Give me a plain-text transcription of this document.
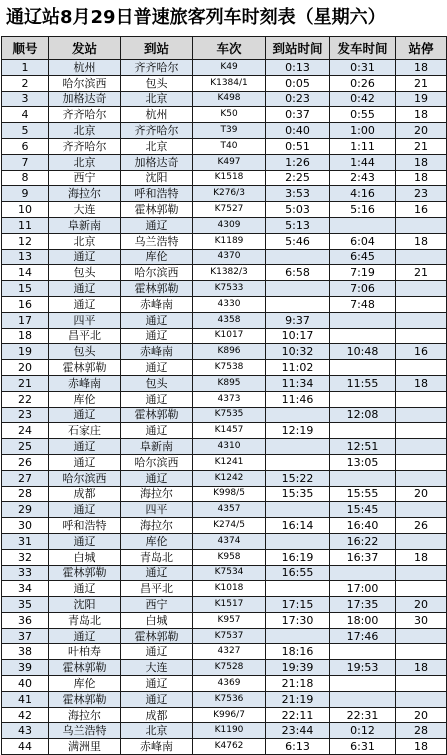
通辽站8月29日普速旅客列车时刻表（星期六）
顺号	发站	到站	车次	到站时间	发车时间	站停
1	杭州	齐齐哈尔	K49	0:13	0:31	18
2	哈尔滨西	包头	K1384/1	0:05	0:26	21
3	加格达奇	北京	K498	0:23	0:42	19
4	齐齐哈尔	杭州	K50	0:37	0:55	18
5	北京	齐齐哈尔	T39	0:40	1:00	20
6	齐齐哈尔	北京	T40	0:51	1:11	21
7	北京	加格达奇	K497	1:26	1:44	18
8	西宁	沈阳	K1518	2:25	2:43	18
9	海拉尔	呼和浩特	K276/3	3:53	4:16	23
10	大连	霍林郭勒	K7527	5:03	5:16	16
11	阜新南	通辽	4309	5:13		
12	北京	乌兰浩特	K1189	5:46	6:04	18
13	通辽	库伦	4370		6:45	
14	包头	哈尔滨西	K1382/3	6:58	7:19	21
15	通辽	霍林郭勒	K7533		7:06	
16	通辽	赤峰南	4330		7:48	
17	四平	通辽	4358	9:37		
18	昌平北	通辽	K1017	10:17		
19	包头	赤峰南	K896	10:32	10:48	16
20	霍林郭勒	通辽	K7538	11:02		
21	赤峰南	包头	K895	11:34	11:55	18
22	库伦	通辽	4373	11:46		
23	通辽	霍林郭勒	K7535		12:08	
24	石家庄	通辽	K1457	12:19		
25	通辽	阜新南	4310		12:51	
26	通辽	哈尔滨西	K1241		13:05	
27	哈尔滨西	通辽	K1242	15:22		
28	成都	海拉尔	K998/5	15:35	15:55	20
29	通辽	四平	4357		15:45	
30	呼和浩特	海拉尔	K274/5	16:14	16:40	26
31	通辽	库伦	4374		16:22	
32	白城	青岛北	K958	16:19	16:37	18
33	霍林郭勒	通辽	K7534	16:55		
34	通辽	昌平北	K1018		17:00	
35	沈阳	西宁	K1517	17:15	17:35	20
36	青岛北	白城	K957	17:30	18:00	30
37	通辽	霍林郭勒	K7537		17:46	
38	叶柏寿	通辽	4327	18:16		
39	霍林郭勒	大连	K7528	19:39	19:53	18
40	库伦	通辽	4369	21:18		
41	霍林郭勒	通辽	K7536	21:19		
42	海拉尔	成都	K996/7	22:11	22:31	20
43	乌兰浩特	北京	K1190	23:44	0:12	28
44	满洲里	赤峰南	K4762	6:13	6:31	18
